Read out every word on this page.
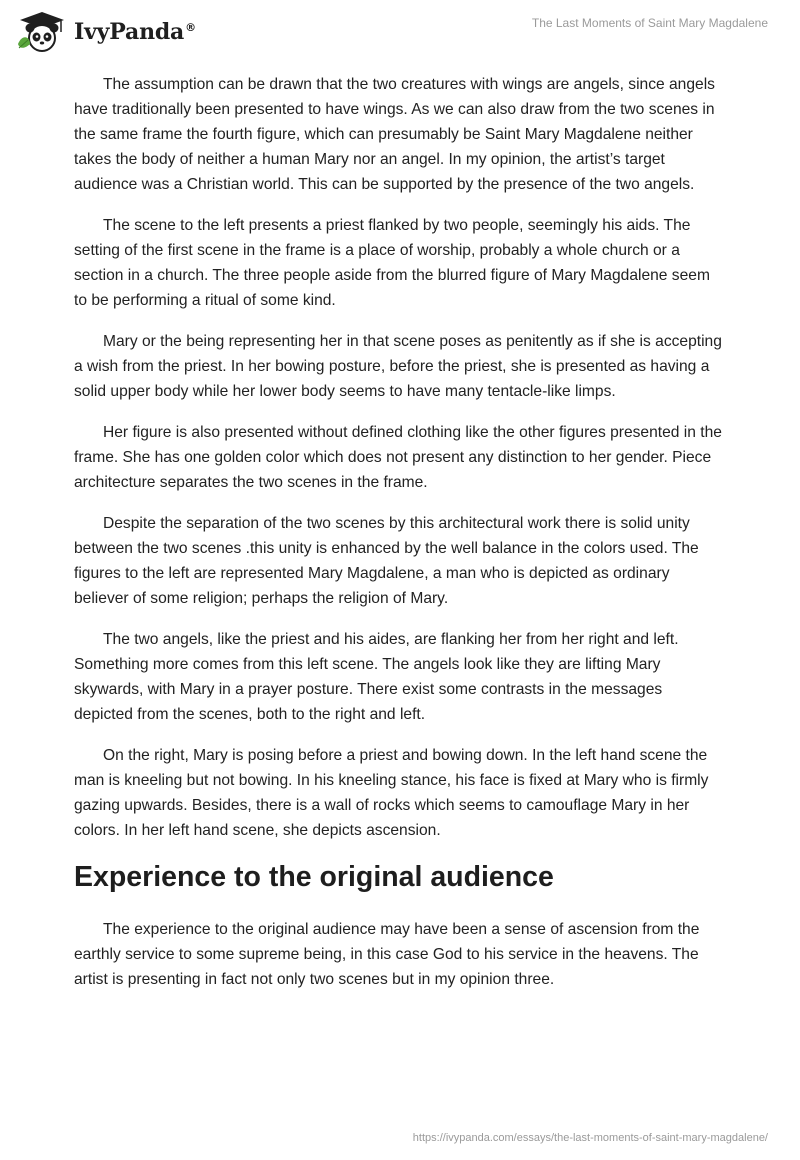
IvyPanda®	The Last Moments of Saint Mary Magdalene

The assumption can be drawn that the two creatures with wings are angels, since angels have traditionally been presented to have wings. As we can also draw from the two scenes in the same frame the fourth figure, which can presumably be Saint Mary Magdalene neither takes the body of neither a human Mary nor an angel. In my opinion, the artist’s target audience was a Christian world. This can be supported by the presence of the two angels.

The scene to the left presents a priest flanked by two people, seemingly his aids. The setting of the first scene in the frame is a place of worship, probably a whole church or a section in a church. The three people aside from the blurred figure of Mary Magdalene seem to be performing a ritual of some kind.

Mary or the being representing her in that scene poses as penitently as if she is accepting a wish from the priest. In her bowing posture, before the priest, she is presented as having a solid upper body while her lower body seems to have many tentacle-like limps.

Her figure is also presented without defined clothing like the other figures presented in the frame. She has one golden color which does not present any distinction to her gender. Piece architecture separates the two scenes in the frame.

Despite the separation of the two scenes by this architectural work there is solid unity between the two scenes .this unity is enhanced by the well balance in the colors used. The figures to the left are represented Mary Magdalene, a man who is depicted as ordinary believer of some religion; perhaps the religion of Mary.

The two angels, like the priest and his aides, are flanking her from her right and left. Something more comes from this left scene. The angels look like they are lifting Mary skywards, with Mary in a prayer posture. There exist some contrasts in the messages depicted from the scenes, both to the right and left.

On the right, Mary is posing before a priest and bowing down. In the left hand scene the man is kneeling but not bowing. In his kneeling stance, his face is fixed at Mary who is firmly gazing upwards. Besides, there is a wall of rocks which seems to camouflage Mary in her colors. In her left hand scene, she depicts ascension.

Experience to the original audience

The experience to the original audience may have been a sense of ascension from the earthly service to some supreme being, in this case God to his service in the heavens. The artist is presenting in fact not only two scenes but in my opinion three.

https://ivypanda.com/essays/the-last-moments-of-saint-mary-magdalene/
